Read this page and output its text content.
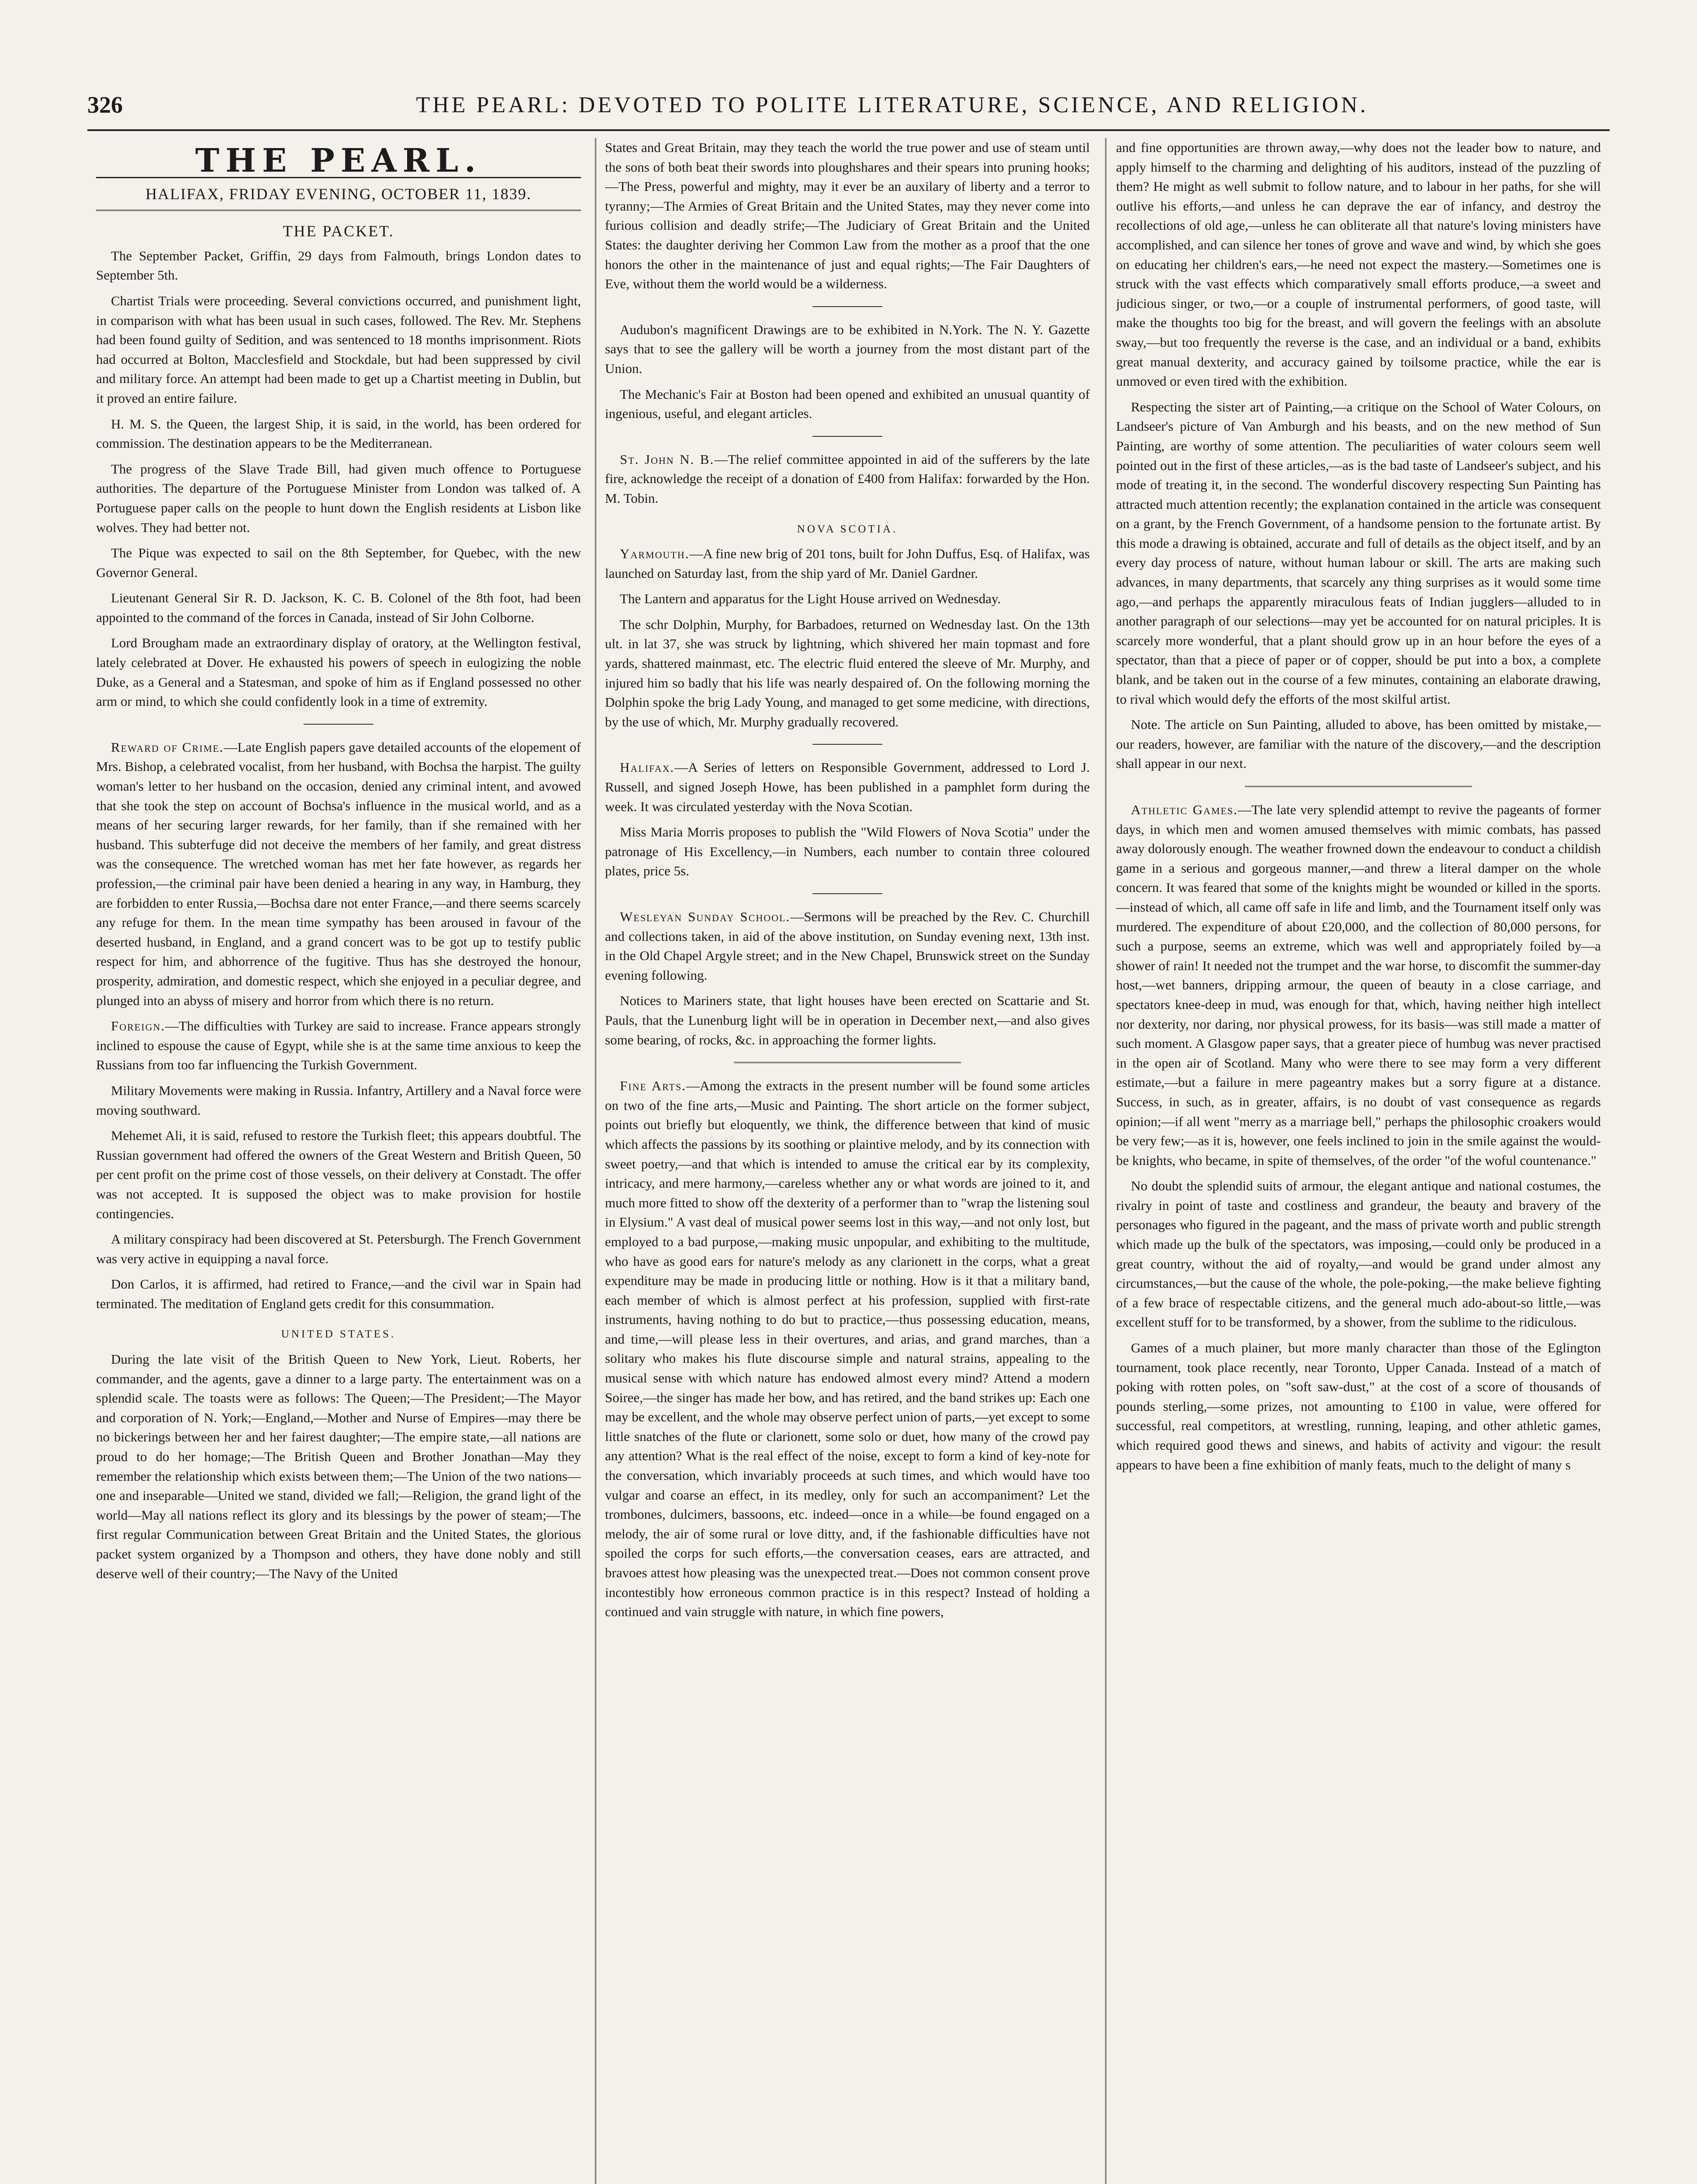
326	THE PEARL: DEVOTED TO POLITE LITERATURE, SCIENCE, AND RELIGION.
THE PEARL.
HALIFAX, FRIDAY EVENING, OCTOBER 11, 1839.
THE PACKET.

The September Packet, Griffin, 29 days from Falmouth, brings London dates to September 5th.

Chartist Trials were proceeding. Several convictions occurred, and punishment light, in comparison with what has been usual in such cases, followed. The Rev. Mr. Stephens had been found guilty of Sedition, and was sentenced to 18 months imprisonment. Riots had occurred at Bolton, Macclesfield and Stockdale, but had been suppressed by civil and military force. An attempt had been made to get up a Chartist meeting in Dublin, but it proved an entire failure.

H. M. S. the Queen, the largest Ship, it is said, in the world, has been ordered for commission. The destination appears to be the Mediterranean.

The progress of the Slave Trade Bill, had given much offence to Portuguese authorities. The departure of the Portuguese Minister from London was talked of. A Portuguese paper calls on the people to hunt down the English residents at Lisbon like wolves. They had better not.

The Pique was expected to sail on the 8th September, for Quebec, with the new Governor General.

Lieutenant General Sir R. D. Jackson, K. C. B. Colonel of the 8th foot, had been appointed to the command of the forces in Canada, instead of Sir John Colborne.

Lord Brougham made an extraordinary display of oratory, at the Wellington festival, lately celebrated at Dover. He exhausted his powers of speech in eulogizing the noble Duke, as a General and a Statesman, and spoke of him as if England possessed no other arm or mind, to which she could confidently look in a time of extremity.

Reward of Crime.—Late English papers gave detailed accounts of the elopement of Mrs. Bishop, a celebrated vocalist, from her husband, with Bochsa the harpist. The guilty woman's letter to her husband on the occasion, denied any criminal intent, and avowed that she took the step on account of Bochsa's influence in the musical world, and as a means of her securing larger rewards, for her family, than if she remained with her husband. This subterfuge did not deceive the members of her family, and great distress was the consequence. The wretched woman has met her fate however, as regards her profession,—the criminal pair have been denied a hearing in any way, in Hamburg, they are forbidden to enter Russia,—Bochsa dare not enter France,—and there seems scarcely any refuge for them. In the mean time sympathy has been aroused in favour of the deserted husband, in England, and a grand concert was to be got up to testify public respect for him, and abhorrence of the fugitive. Thus has she destroyed the honour, prosperity, admiration, and domestic respect, which she enjoyed in a peculiar degree, and plunged into an abyss of misery and horror from which there is no return.

Foreign.—The difficulties with Turkey are said to increase. France appears strongly inclined to espouse the cause of Egypt, while she is at the same time anxious to keep the Russians from too far influencing the Turkish Government.

Military Movements were making in Russia. Infantry, Artillery and a Naval force were moving southward.

Mehemet Ali, it is said, refused to restore the Turkish fleet; this appears doubtful. The Russian government had offered the owners of the Great Western and British Queen, 50 per cent profit on the prime cost of those vessels, on their delivery at Constadt. The offer was not accepted. It is supposed the object was to make provision for hostile contingencies.

A military conspiracy had been discovered at St. Petersburgh. The French Government was very active in equipping a naval force.

Don Carlos, it is affirmed, had retired to France,—and the civil war in Spain had terminated. The meditation of England gets credit for this consummation.

UNITED STATES.

During the late visit of the British Queen to New York, Lieut. Roberts, her commander, and the agents, gave a dinner to a large party. The entertainment was on a splendid scale. The toasts were as follows: The Queen;—The President;—The Mayor and corporation of N. York;—England,—Mother and Nurse of Empires—may there be no bickerings between her and her fairest daughter;—The empire state,—all nations are proud to do her homage;—The British Queen and Brother Jonathan—May they remember the relationship which exists between them;—The Union of the two nations—one and inseparable—United we stand, divided we fall;—Religion, the grand light of the world—May all nations reflect its glory and its blessings by the power of steam;—The first regular Communication between Great Britain and the United States, the glorious packet system organized by a Thompson and others, they have done nobly and still deserve well of their country;—The Navy of the United

States and Great Britain, may they teach the world the true power and use of steam until the sons of both beat their swords into ploughshares and their spears into pruning hooks;—The Press, powerful and mighty, may it ever be an auxilary of liberty and a terror to tyranny;—The Armies of Great Britain and the United States, may they never come into furious collision and deadly strife;—The Judiciary of Great Britain and the United States: the daughter deriving her Common Law from the mother as a proof that the one honors the other in the maintenance of just and equal rights;—The Fair Daughters of Eve, without them the world would be a wilderness.

Audubon's magnificent Drawings are to be exhibited in N.York. The N. Y. Gazette says that to see the gallery will be worth a journey from the most distant part of the Union.

The Mechanic's Fair at Boston had been opened and exhibited an unusual quantity of ingenious, useful, and elegant articles.

St. John N. B.—The relief committee appointed in aid of the sufferers by the late fire, acknowledge the receipt of a donation of £400 from Halifax: forwarded by the Hon. M. Tobin.

NOVA SCOTIA.

Yarmouth.—A fine new brig of 201 tons, built for John Duffus, Esq. of Halifax, was launched on Saturday last, from the ship yard of Mr. Daniel Gardner.

The Lantern and apparatus for the Light House arrived on Wednesday.

The schr Dolphin, Murphy, for Barbadoes, returned on Wednesday last. On the 13th ult. in lat 37, she was struck by lightning, which shivered her main topmast and fore yards, shattered mainmast, etc. The electric fluid entered the sleeve of Mr. Murphy, and injured him so badly that his life was nearly despaired of. On the following morning the Dolphin spoke the brig Lady Young, and managed to get some medicine, with directions, by the use of which, Mr. Murphy gradually recovered.

Halifax.—A Series of letters on Responsible Government, addressed to Lord J. Russell, and signed Joseph Howe, has been published in a pamphlet form during the week. It was circulated yesterday with the Nova Scotian.

Miss Maria Morris proposes to publish the "Wild Flowers of Nova Scotia" under the patronage of His Excellency,—in Numbers, each number to contain three coloured plates, price 5s.

Wesleyan Sunday School.—Sermons will be preached by the Rev. C. Churchill and collections taken, in aid of the above institution, on Sunday evening next, 13th inst. in the Old Chapel Argyle street; and in the New Chapel, Brunswick street on the Sunday evening following.

Notices to Mariners state, that light houses have been erected on Scattarie and St. Pauls, that the Lunenburg light will be in operation in December next,—and also gives some bearing, of rocks, &c. in approaching the former lights.

Fine Arts.—Among the extracts in the present number will be found some articles on two of the fine arts,—Music and Painting. The short article on the former subject, points out briefly but eloquently, we think, the difference between that kind of music which affects the passions by its soothing or plaintive melody, and by its connection with sweet poetry,—and that which is intended to amuse the critical ear by its complexity, intricacy, and mere harmony,—careless whether any or what words are joined to it, and much more fitted to show off the dexterity of a performer than to "wrap the listening soul in Elysium." A vast deal of musical power seems lost in this way,—and not only lost, but employed to a bad purpose,—making music unpopular, and exhibiting to the multitude, who have as good ears for nature's melody as any clarionett in the corps, what a great expenditure may be made in producing little or nothing. How is it that a military band, each member of which is almost perfect at his profession, supplied with first-rate instruments, having nothing to do but to practice,—thus possessing education, means, and time,—will please less in their overtures, and arias, and grand marches, than a solitary who makes his flute discourse simple and natural strains, appealing to the musical sense with which nature has endowed almost every mind? Attend a modern Soiree,—the singer has made her bow, and has retired, and the band strikes up: Each one may be excellent, and the whole may observe perfect union of parts,—yet except to some little snatches of the flute or clarionett, some solo or duet, how many of the crowd pay any attention? What is the real effect of the noise, except to form a kind of key-note for the conversation, which invariably proceeds at such times, and which would have too vulgar and coarse an effect, in its medley, only for such an accompaniment? Let the trombones, dulcimers, bassoons, etc. indeed—once in a while—be found engaged on a melody, the air of some rural or love ditty, and, if the fashionable difficulties have not spoiled the corps for such efforts,—the conversation ceases, ears are attracted, and bravoes attest how pleasing was the unexpected treat.—Does not common consent prove incontestibly how erroneous common practice is in this respect? Instead of holding a continued and vain struggle with nature, in which fine powers,

and fine opportunities are thrown away,—why does not the leader bow to nature, and apply himself to the charming and delighting of his auditors, instead of the puzzling of them? He might as well submit to follow nature, and to labour in her paths, for she will outlive his efforts,—and unless he can deprave the ear of infancy, and destroy the recollections of old age,—unless he can obliterate all that nature's loving ministers have accomplished, and can silence her tones of grove and wave and wind, by which she goes on educating her children's ears,—he need not expect the mastery.—Sometimes one is struck with the vast effects which comparatively small efforts produce,—a sweet and judicious singer, or two,—or a couple of instrumental performers, of good taste, will make the thoughts too big for the breast, and will govern the feelings with an absolute sway,—but too frequently the reverse is the case, and an individual or a band, exhibits great manual dexterity, and accuracy gained by toilsome practice, while the ear is unmoved or even tired with the exhibition.

Respecting the sister art of Painting,—a critique on the School of Water Colours, on Landseer's picture of Van Amburgh and his beasts, and on the new method of Sun Painting, are worthy of some attention. The peculiarities of water colours seem well pointed out in the first of these articles,—as is the bad taste of Landseer's subject, and his mode of treating it, in the second. The wonderful discovery respecting Sun Painting has attracted much attention recently; the explanation contained in the article was consequent on a grant, by the French Government, of a handsome pension to the fortunate artist. By this mode a drawing is obtained, accurate and full of details as the object itself, and by an every day process of nature, without human labour or skill. The arts are making such advances, in many departments, that scarcely any thing surprises as it would some time ago,—and perhaps the apparently miraculous feats of Indian jugglers—alluded to in another paragraph of our selections—may yet be accounted for on natural priciples. It is scarcely more wonderful, that a plant should grow up in an hour before the eyes of a spectator, than that a piece of paper or of copper, should be put into a box, a complete blank, and be taken out in the course of a few minutes, containing an elaborate drawing, to rival which would defy the efforts of the most skilful artist.

Note. The article on Sun Painting, alluded to above, has been omitted by mistake,—our readers, however, are familiar with the nature of the discovery,—and the description shall appear in our next.

Athletic Games.—The late very splendid attempt to revive the pageants of former days, in which men and women amused themselves with mimic combats, has passed away dolorously enough. The weather frowned down the endeavour to conduct a childish game in a serious and gorgeous manner,—and threw a literal damper on the whole concern. It was feared that some of the knights might be wounded or killed in the sports.—instead of which, all came off safe in life and limb, and the Tournament itself only was murdered. The expenditure of about £20,000, and the collection of 80,000 persons, for such a purpose, seems an extreme, which was well and appropriately foiled by—a shower of rain! It needed not the trumpet and the war horse, to discomfit the summer-day host,—wet banners, dripping armour, the queen of beauty in a close carriage, and spectators knee-deep in mud, was enough for that, which, having neither high intellect nor dexterity, nor daring, nor physical prowess, for its basis—was still made a matter of such moment. A Glasgow paper says, that a greater piece of humbug was never practised in the open air of Scotland. Many who were there to see may form a very different estimate,—but a failure in mere pageantry makes but a sorry figure at a distance. Success, in such, as in greater, affairs, is no doubt of vast consequence as regards opinion;—if all went "merry as a marriage bell," perhaps the philosophic croakers would be very few;—as it is, however, one feels inclined to join in the smile against the would-be knights, who became, in spite of themselves, of the order "of the woful countenance."

No doubt the splendid suits of armour, the elegant antique and national costumes, the rivalry in point of taste and costliness and grandeur, the beauty and bravery of the personages who figured in the pageant, and the mass of private worth and public strength which made up the bulk of the spectators, was imposing,—could only be produced in a great country, without the aid of royalty,—and would be grand under almost any circumstances,—but the cause of the whole, the pole-poking,—the make believe fighting of a few brace of respectable citizens, and the general much ado-about-so little,—was excellent stuff for to be transformed, by a shower, from the sublime to the ridiculous.

Games of a much plainer, but more manly character than those of the Eglington tournament, took place recently, near Toronto, Upper Canada. Instead of a match of poking with rotten poles, on "soft saw-dust," at the cost of a score of thousands of pounds sterling,—some prizes, not amounting to £100 in value, were offered for successful, real competitors, at wrestling, running, leaping, and other athletic games, which required good thews and sinews, and habits of activity and vigour: the result appears to have been a fine exhibition of manly feats, much to the delight of many s
